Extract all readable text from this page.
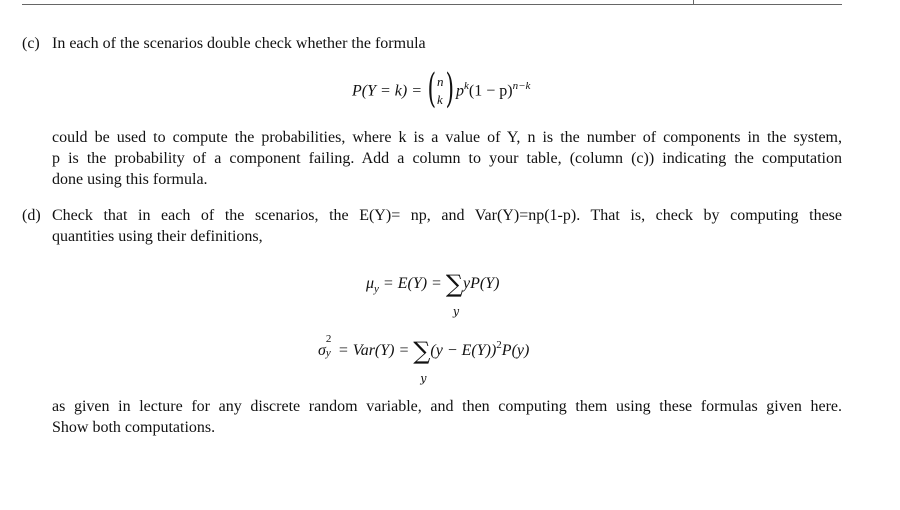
(c) In each of the scenarios double check whether the formula
P(Y = k) = ( n
k ) $p^k(1 - p)^{n-k}$
could be used to compute the probabilities, where k is a value of Y, n is the number of components in the system,
p is the probability of a component failing. Add a column to your table, (column (c)) indicating the computation
done using this formula.
(d) Check that in each of the scenarios, the E(Y)= np, and Var(Y)=np(1-p). That is, check by computing these
quantities using their definitions,
$\mu_y = E(Y)$ = ∑
y
yP(Y)
σ
2
y = Var(Y) = ∑
y
$(y - E(Y))^2P(y)$
as given in lecture for any discrete random variable, and then computing them using these formulas given here.
Show both computations.
